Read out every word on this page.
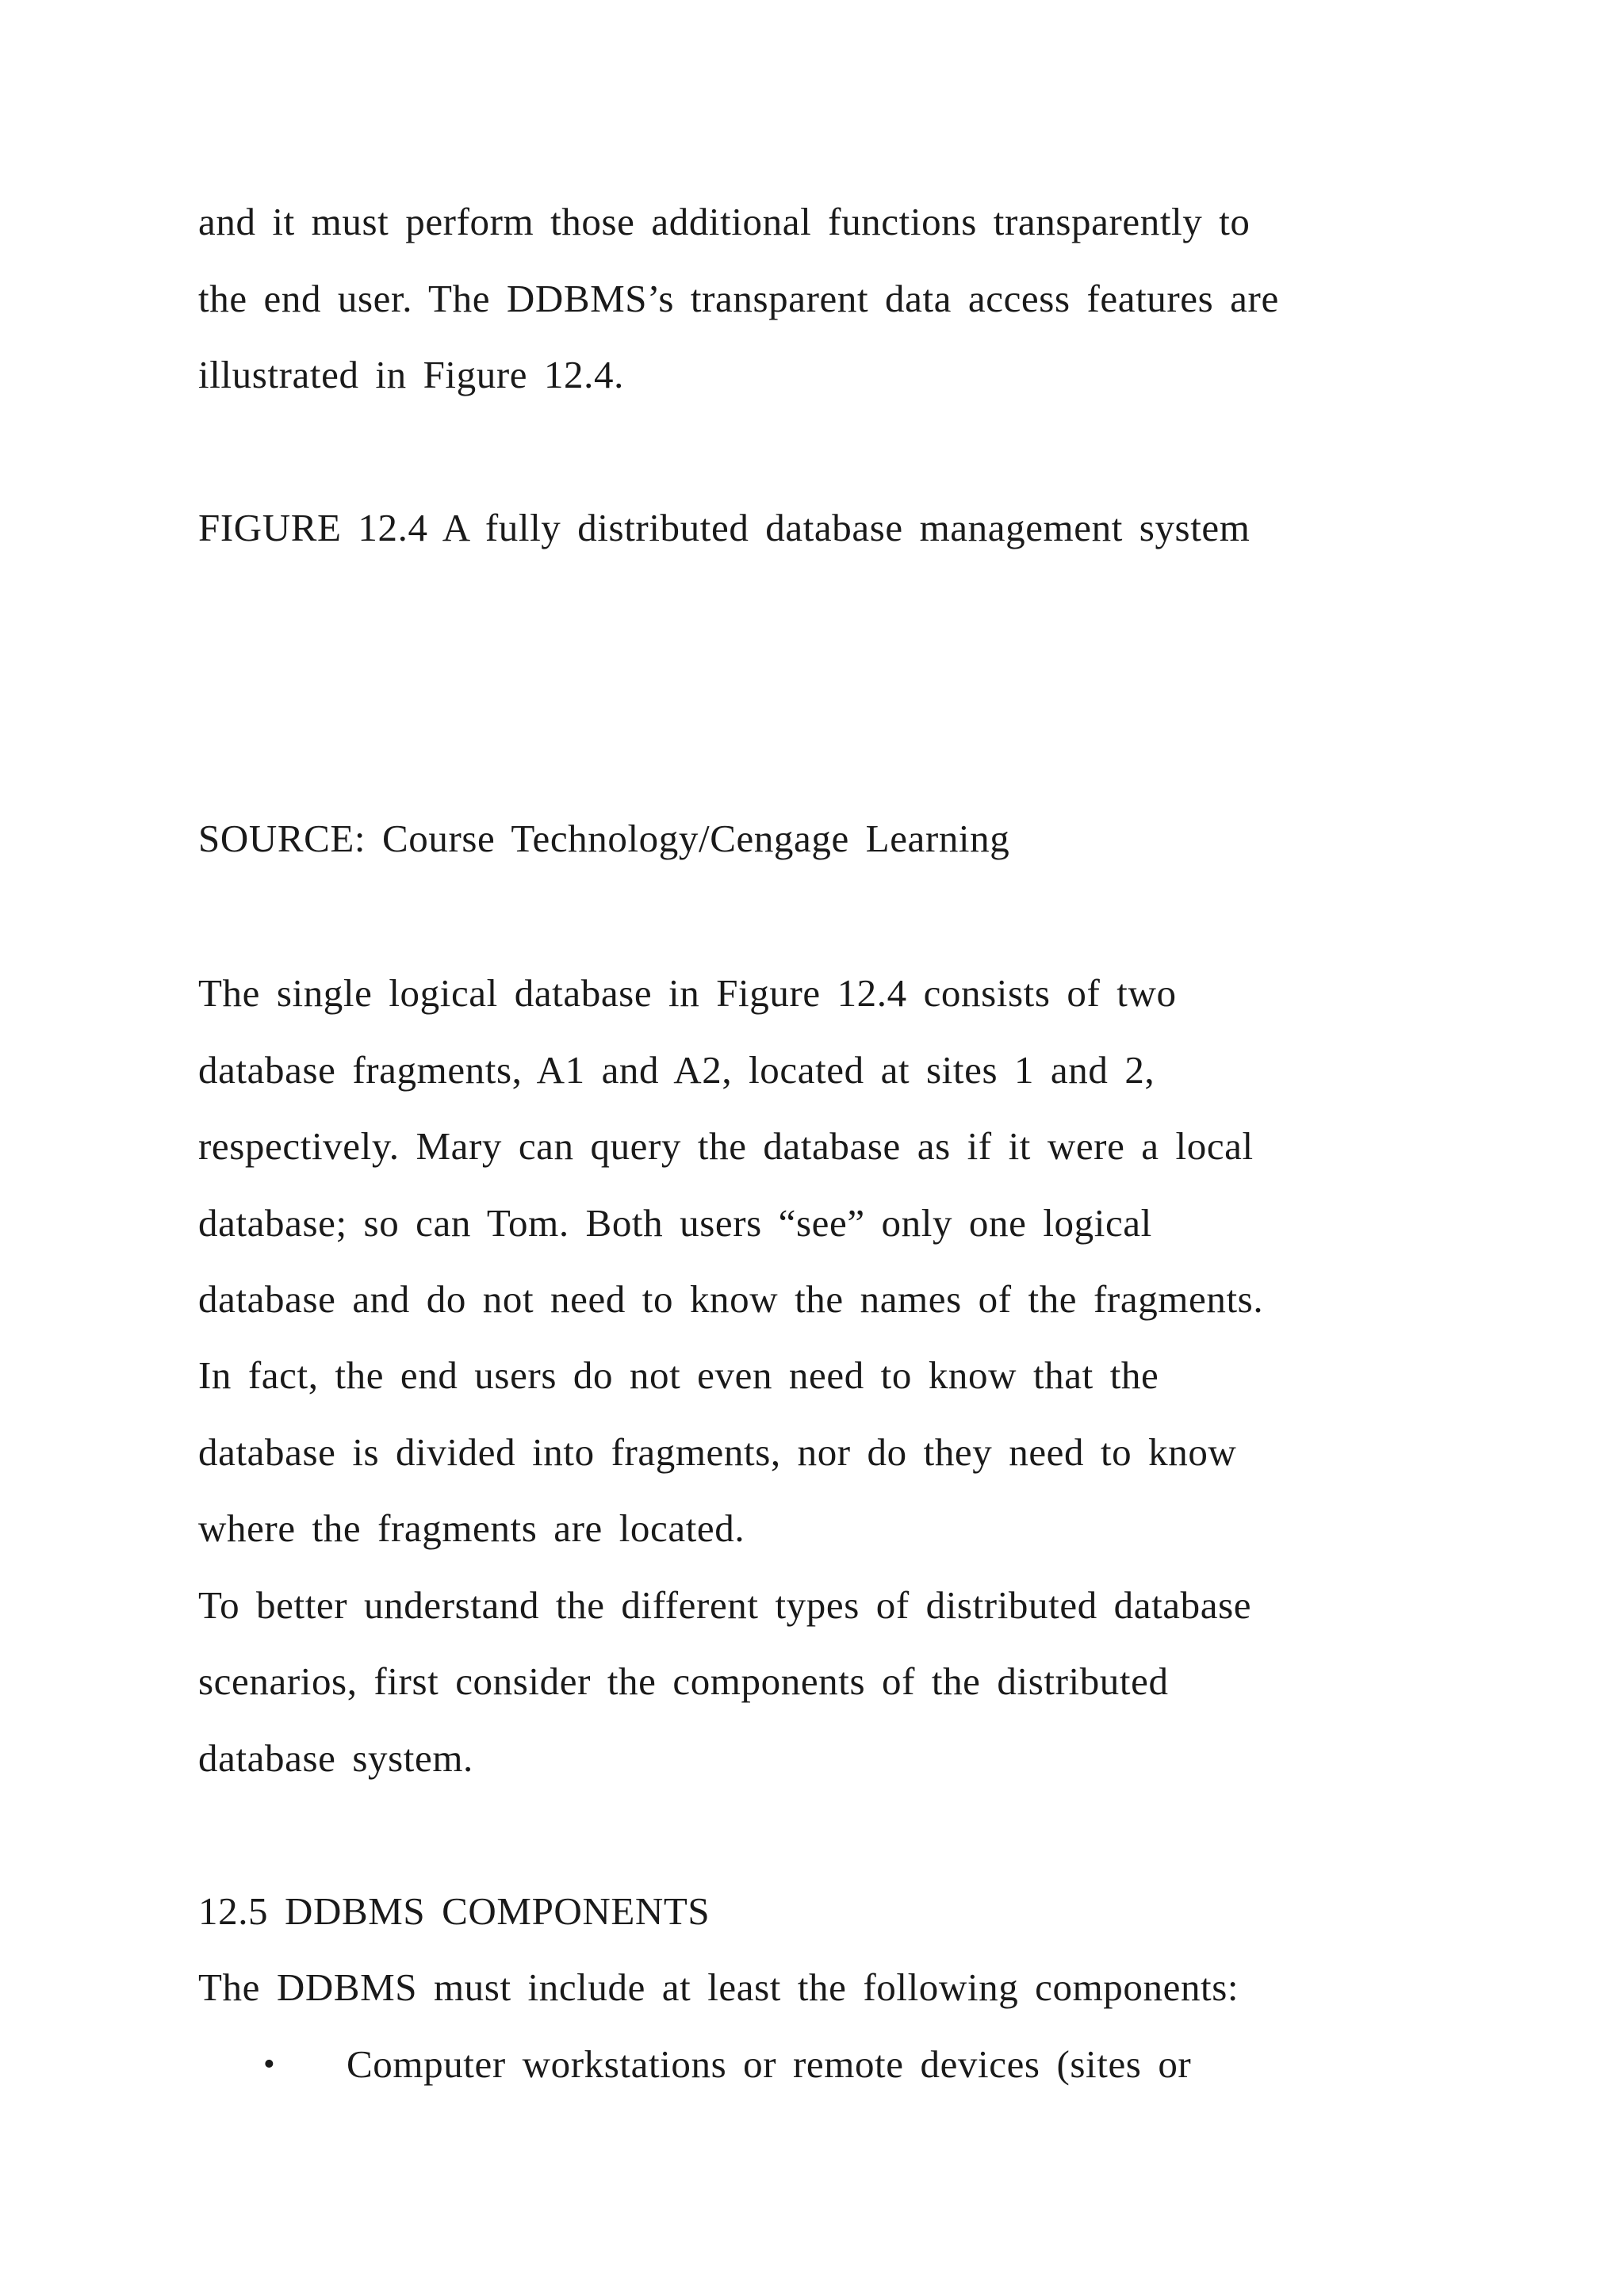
and it must perform those additional functions transparently to
the end user. The DDBMS’s transparent data access features are
illustrated in Figure 12.4.
FIGURE 12.4 A fully distributed database management system
SOURCE: Course Technology/Cengage Learning
The single logical database in Figure 12.4 consists of two
database fragments, A1 and A2, located at sites 1 and 2,
respectively. Mary can query the database as if it were a local
database; so can Tom. Both users “see” only one logical
database and do not need to know the names of the fragments.
In fact, the end users do not even need to know that the
database is divided into fragments, nor do they need to know
where the fragments are located.
To better understand the different types of distributed database
scenarios, first consider the components of the distributed
database system.
12.5 DDBMS COMPONENTS
The DDBMS must include at least the following components:
• Computer workstations or remote devices (sites or
